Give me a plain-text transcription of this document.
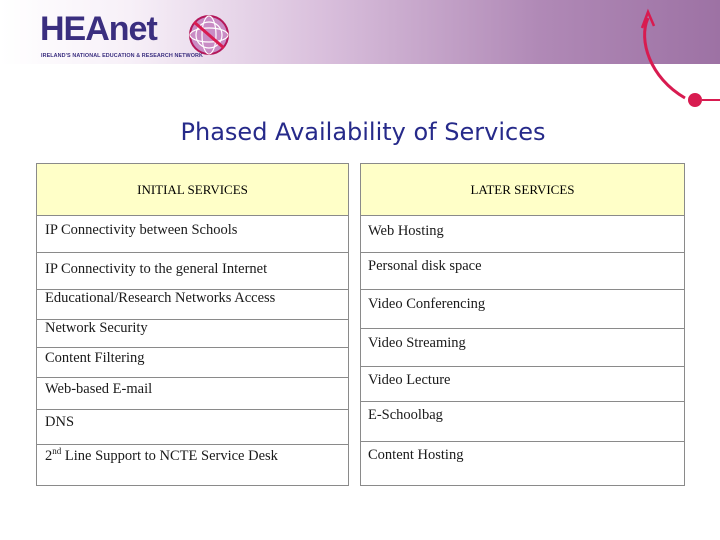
HEAnet
IRELAND'S NATIONAL EDUCATION & RESEARCH NETWORK
Phased Availability of Services
INITIAL SERVICES
IP Connectivity between Schools
IP Connectivity to the general Internet
Educational/Research Networks Access
Network Security
Content Filtering
Web-based E-mail
DNS
2nd Line Support to NCTE Service Desk
LATER SERVICES
Web Hosting
Personal disk space
Video Conferencing
Video Streaming
Video Lecture
E-Schoolbag
Content Hosting
